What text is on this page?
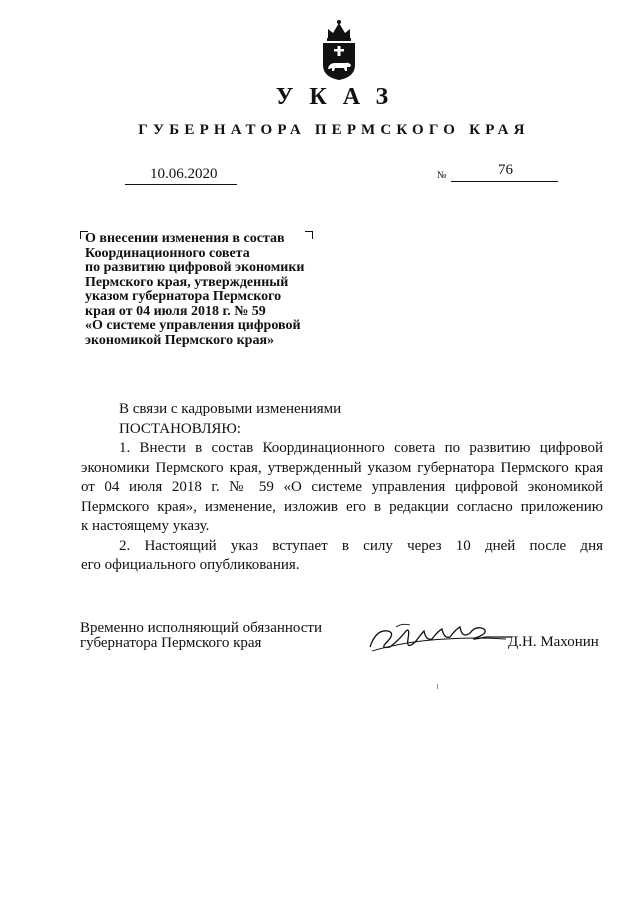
УКАЗ
ГУБЕРНАТОРА ПЕРМСКОГО КРАЯ
10.06.2020	№	76
О внесении изменения в состав
Координационного совета
по развитию цифровой экономики
Пермского края, утвержденный
указом губернатора Пермского
края от 04 июля 2018 г. № 59
«О системе управления цифровой
экономикой Пермского края»
В связи с кадровыми изменениями
ПОСТАНОВЛЯЮ:
1. Внести в состав Координационного совета по развитию цифровой
экономики Пермского края, утвержденный указом губернатора Пермского края
от 04 июля 2018 г. № 59 «О системе управления цифровой экономикой
Пермского края», изменение, изложив его в редакции согласно приложению
к настоящему указу.
2. Настоящий указ вступает в силу через 10 дней после дня
его официального опубликования.
Временно исполняющий обязанности
губернатора Пермского края	Д.Н. Махонин
